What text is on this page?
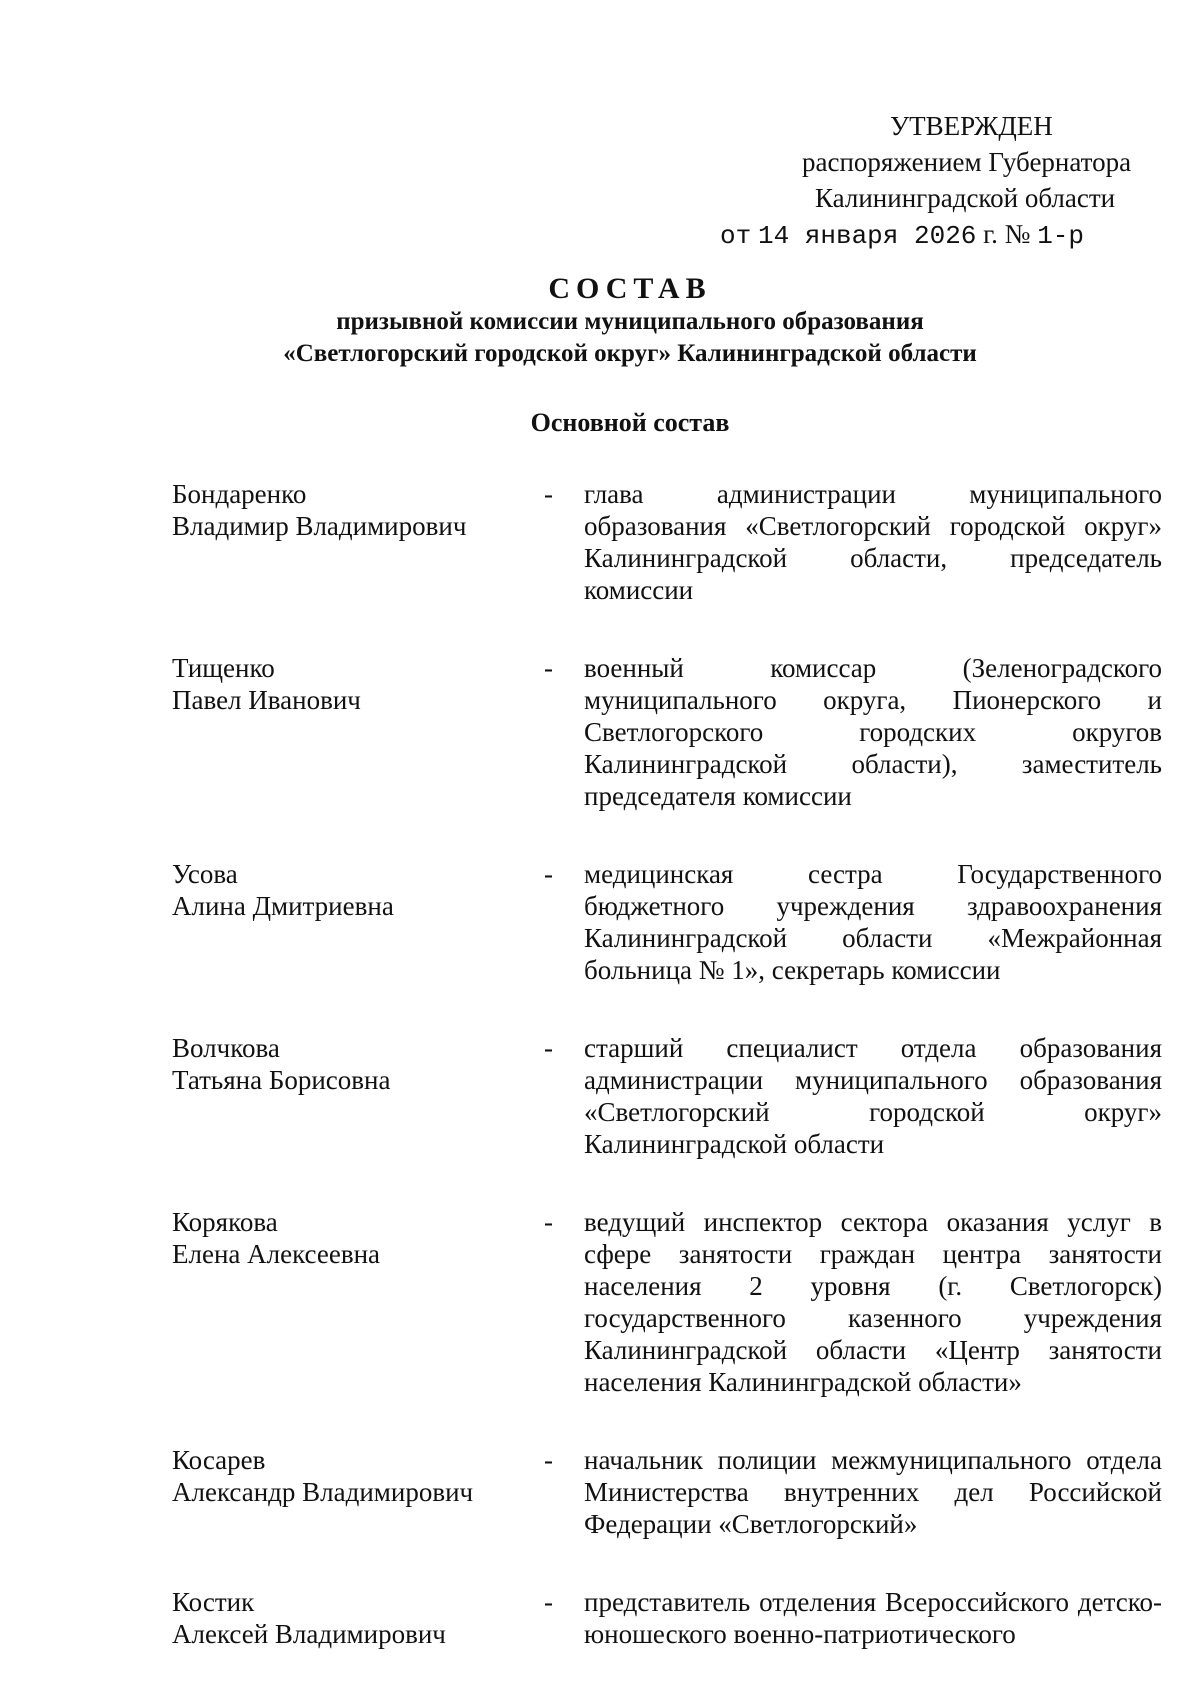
УТВЕРЖДЕН
распоряжением Губернатора
Калининградской области
от 14 января 2026 г. № 1-р
СОСТАВ
призывной комиссии муниципального образования
«Светлогорский городской округ» Калининградской области
Основной состав
Бондаренко
Владимир Владимирович
- глава администрации муниципального образования «Светлогорский городской округ» Калининградской области, председатель комиссии
Тищенко
Павел Иванович
- военный комиссар (Зеленоградского муниципального округа, Пионерского и Светлогорского городских округов Калининградской области), заместитель председателя комиссии
Усова
Алина Дмитриевна
- медицинская сестра Государственного бюджетного учреждения здравоохранения Калининградской области «Межрайонная больница № 1», секретарь комиссии
Волчкова
Татьяна Борисовна
- старший специалист отдела образования администрации муниципального образования «Светлогорский городской округ» Калининградской области
Корякова
Елена Алексеевна
- ведущий инспектор сектора оказания услуг в сфере занятости граждан центра занятости населения 2 уровня (г. Светлогорск) государственного казенного учреждения Калининградской области «Центр занятости населения Калининградской области»
Косарев
Александр Владимирович
- начальник полиции межмуниципального отдела Министерства внутренних дел Российской Федерации «Светлогорский»
Костик
Алексей Владимирович
- представитель отделения Всероссийского детско-юношеского военно-патриотического
